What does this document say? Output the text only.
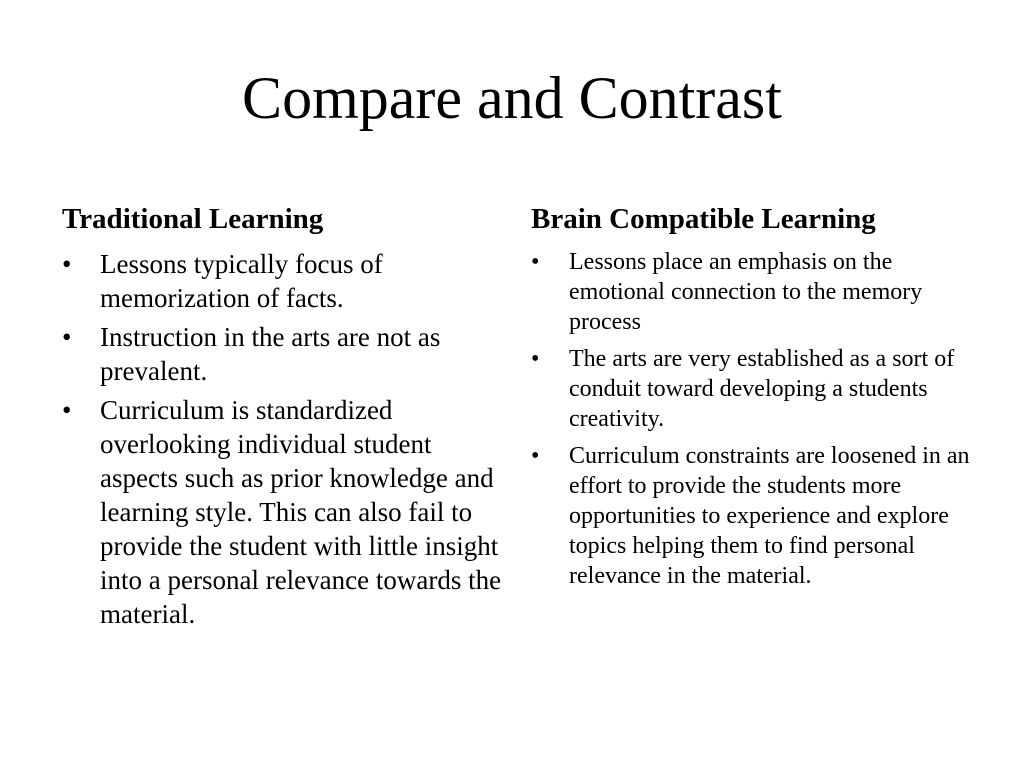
Compare and Contrast
Traditional Learning
• Lessons typically focus of memorization of facts.
• Instruction in the arts are not as prevalent.
• Curriculum is standardized overlooking individual student aspects such as prior knowledge and learning style. This can also fail to provide the student with little insight into a personal relevance towards the material.
Brain Compatible Learning
• Lessons place an emphasis on the emotional connection to the memory process
• The arts are very established as a sort of conduit toward developing a students creativity.
• Curriculum constraints are loosened in an effort to provide the students more opportunities to experience and explore topics helping them to find personal relevance in the material.
